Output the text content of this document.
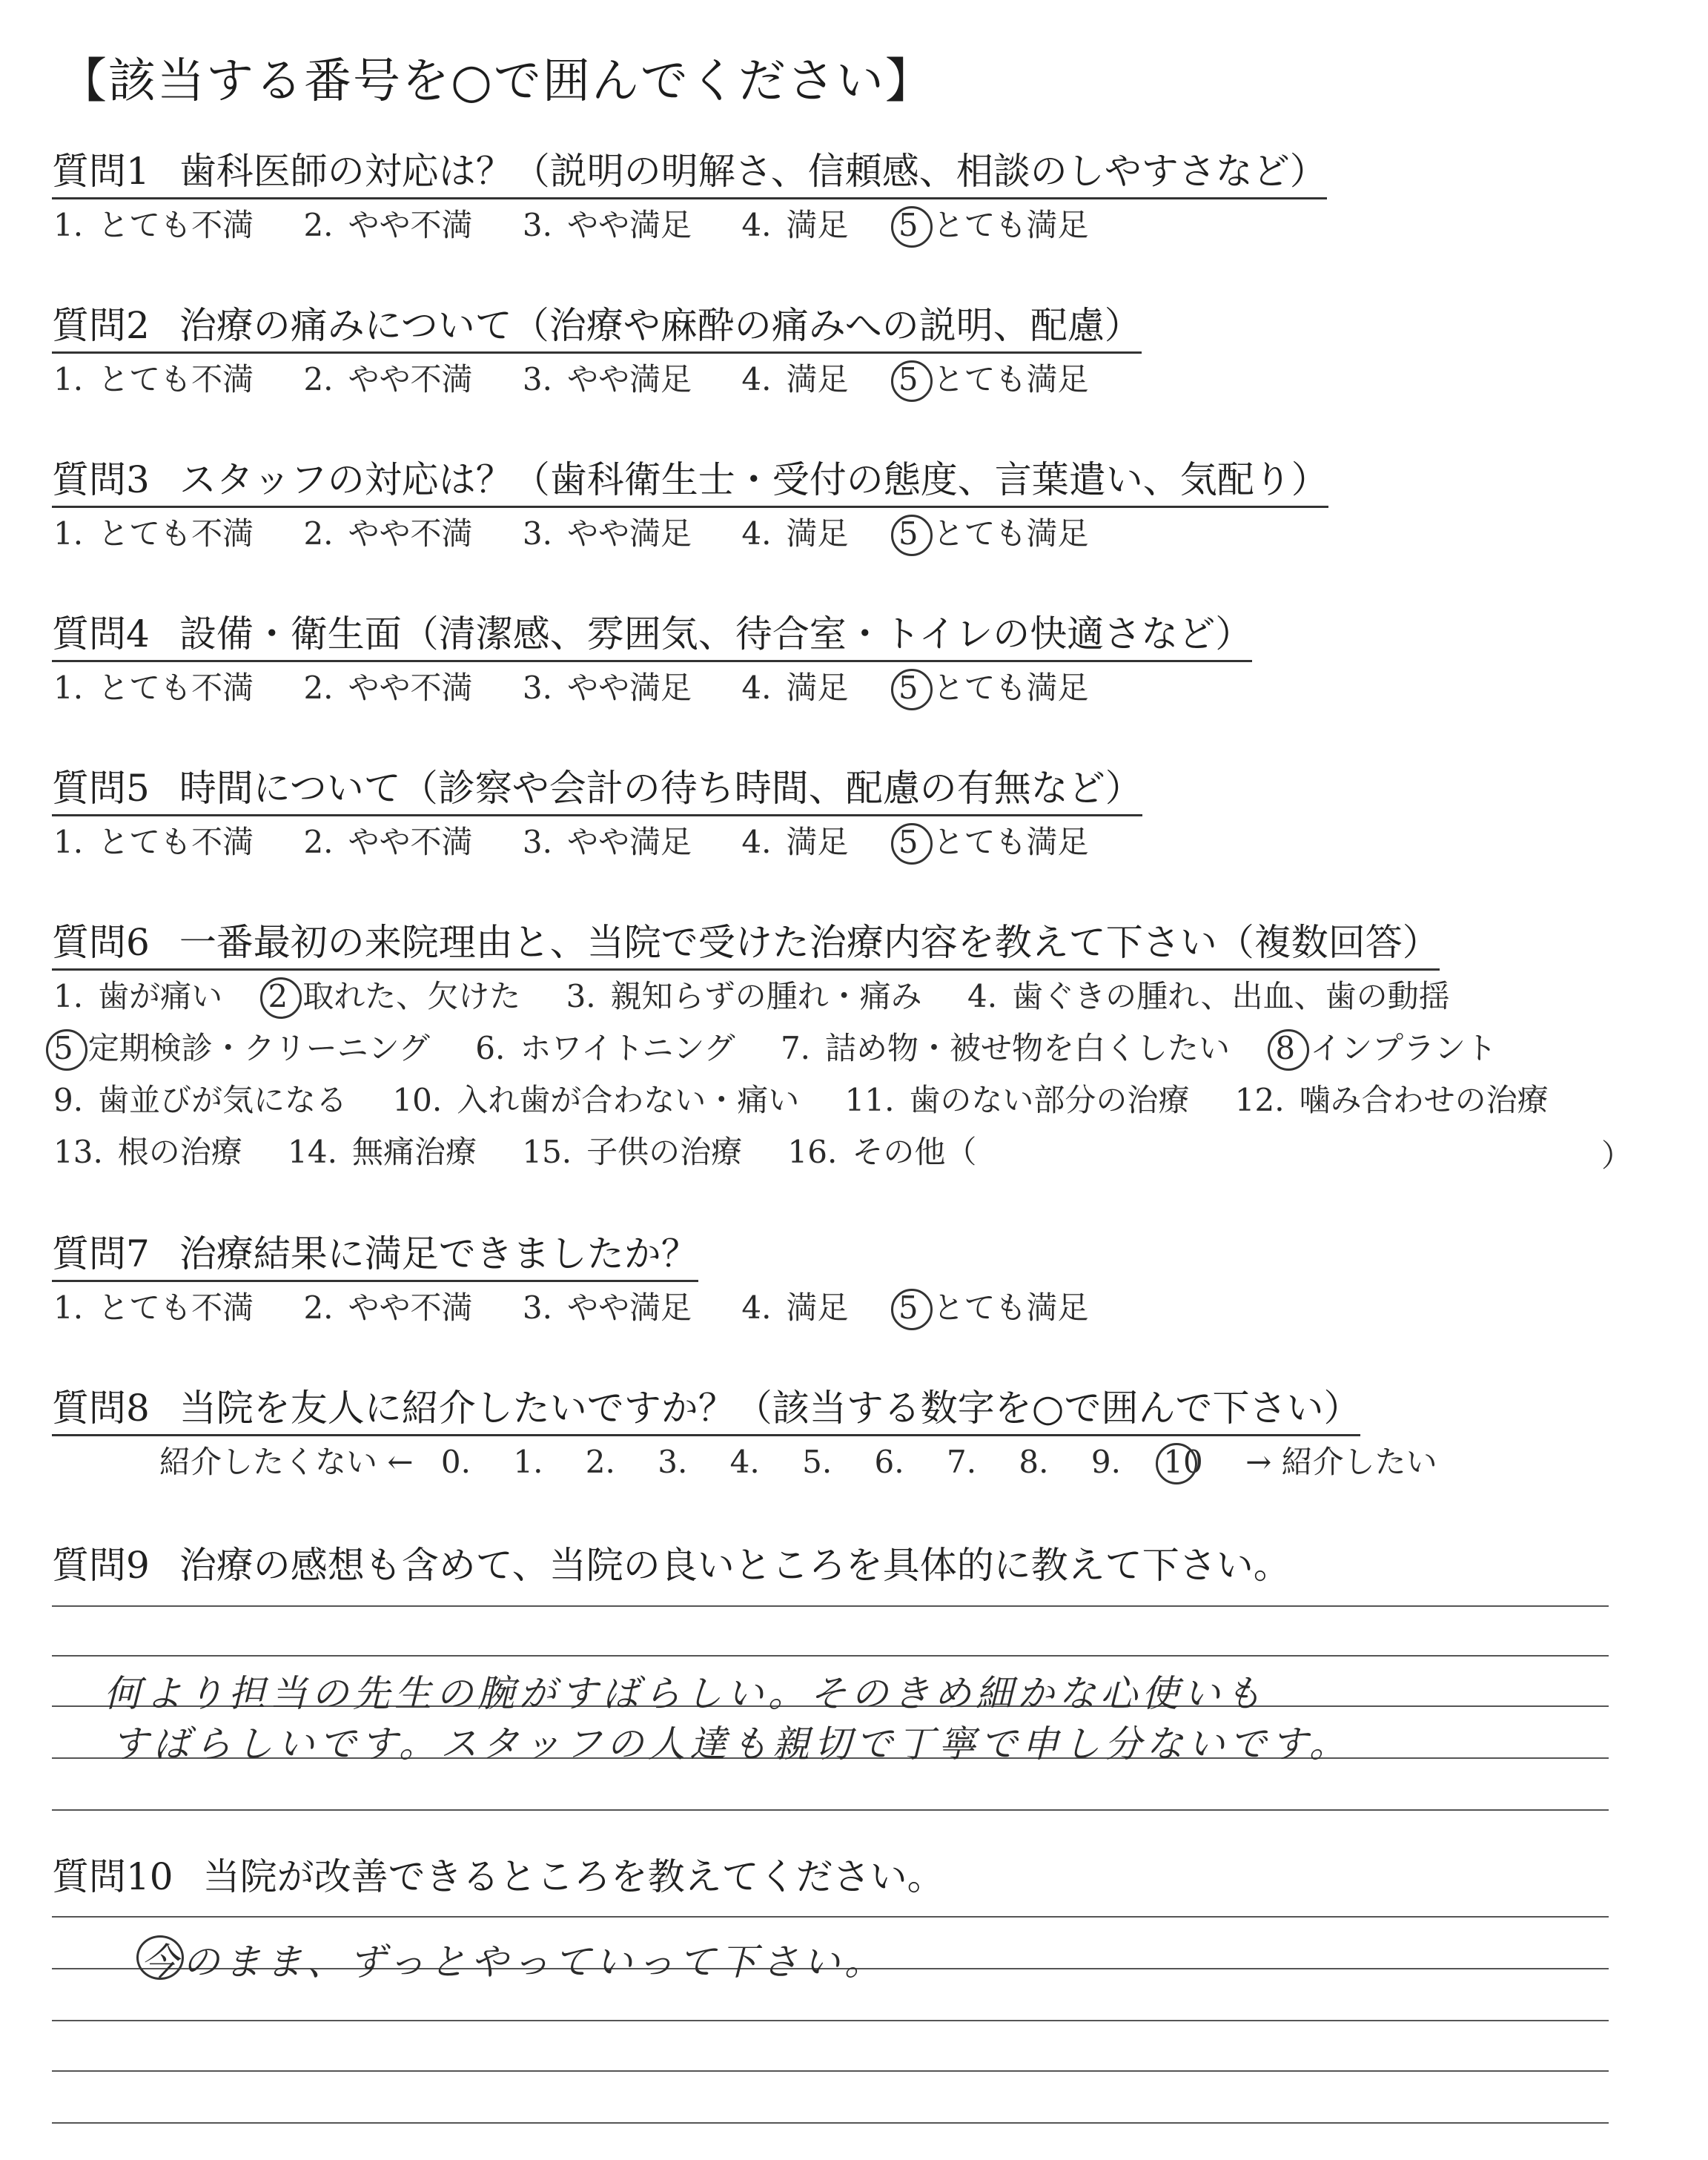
【該当する番号を○で囲んでください】
質問1 歯科医師の対応は？（説明の明解さ、信頼感、相談のしやすさなど）
1. とても不満 2. やや不満 3. やや満足 4. 満足 5 とても満足
質問2 治療の痛みについて（治療や麻酔の痛みへの説明、配慮）
1. とても不満 2. やや不満 3. やや満足 4. 満足 5 とても満足
質問3 スタッフの対応は？（歯科衛生士・受付の態度、言葉遣い、気配り）
1. とても不満 2. やや不満 3. やや満足 4. 満足 5 とても満足
質問4 設備・衛生面（清潔感、雰囲気、待合室・トイレの快適さなど）
1. とても不満 2. やや不満 3. やや満足 4. 満足 5 とても満足
質問5 時間について（診察や会計の待ち時間、配慮の有無など）
1. とても不満 2. やや不満 3. やや満足 4. 満足 5 とても満足
質問6 一番最初の来院理由と、当院で受けた治療内容を教えて下さい（複数回答）
1. 歯が痛い 2 取れた、欠けた 3. 親知らずの腫れ・痛み 4. 歯ぐきの腫れ、出血、歯の動揺
5 定期検診・クリーニング 6. ホワイトニング 7. 詰め物・被せ物を白くしたい 8 インプラント
9. 歯並びが気になる 10. 入れ歯が合わない・痛い 11. 歯のない部分の治療 12. 噛み合わせの治療
13. 根の治療 14. 無痛治療 15. 子供の治療 16. その他（	）
質問7 治療結果に満足できましたか？
1. とても不満 2. やや不満 3. やや満足 4. 満足 5 とても満足
質問8 当院を友人に紹介したいですか？（該当する数字を○で囲んで下さい）
紹介したくない ← 0. 1. 2. 3. 4. 5. 6. 7. 8. 9. 10 → 紹介したい
質問9 治療の感想も含めて、当院の良いところを具体的に教えて下さい。
何より担当の先生の腕がすばらしい。そのきめ細かな心使いも
すばらしいです。スタッフの人達も親切で丁寧で申し分ないです。
質問10 当院が改善できるところを教えてください。
今のまま、ずっとやっていって下さい。
